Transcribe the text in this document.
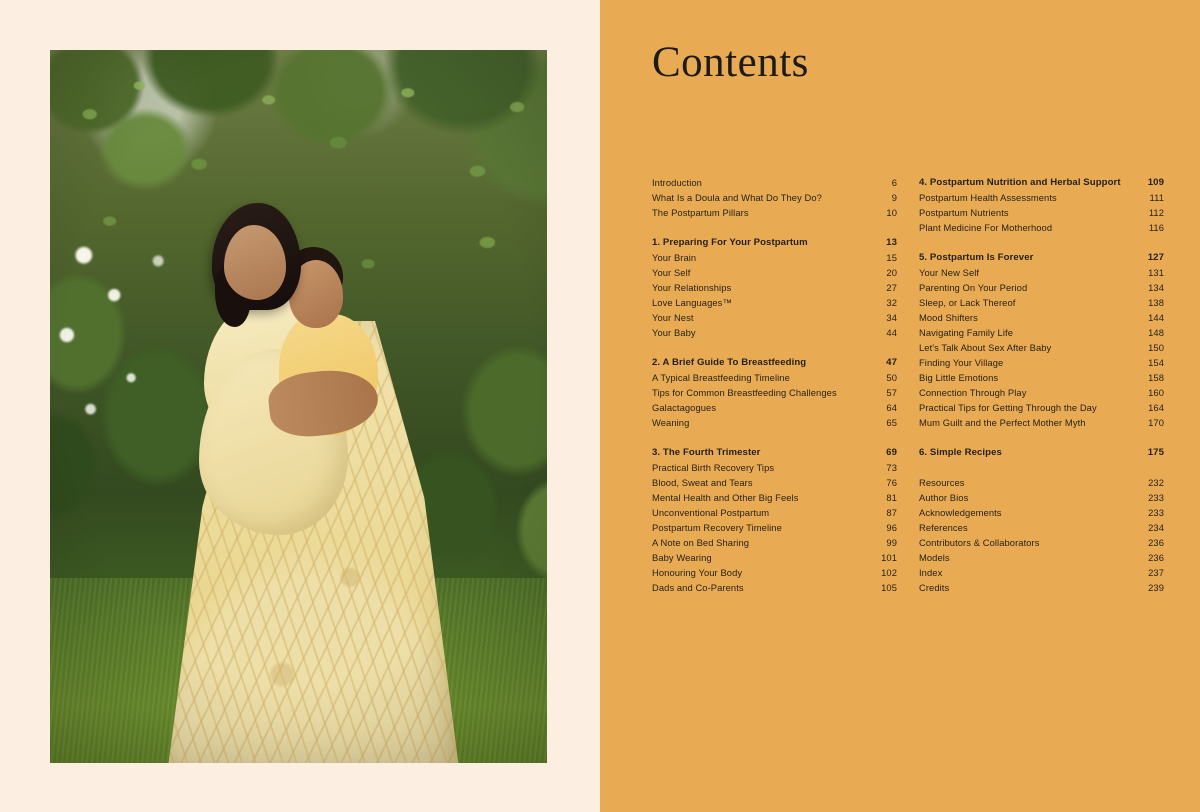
Contents
Introduction	6
What Is a Doula and What Do They Do?	9
The Postpartum Pillars	10
1. Preparing For Your Postpartum	13
Your Brain	15
Your Self	20
Your Relationships	27
Love Languages™	32
Your Nest	34
Your Baby	44
2. A Brief Guide To Breastfeeding	47
A Typical Breastfeeding Timeline	50
Tips for Common Breastfeeding Challenges	57
Galactagogues	64
Weaning	65
3. The Fourth Trimester	69
Practical Birth Recovery Tips	73
Blood, Sweat and Tears	76
Mental Health and Other Big Feels	81
Unconventional Postpartum	87
Postpartum Recovery Timeline	96
A Note on Bed Sharing	99
Baby Wearing	101
Honouring Your Body	102
Dads and Co-Parents	105
4. Postpartum Nutrition and Herbal Support	109
Postpartum Health Assessments	111
Postpartum Nutrients	112
Plant Medicine For Motherhood	116
5. Postpartum Is Forever	127
Your New Self	131
Parenting On Your Period	134
Sleep, or Lack Thereof	138
Mood Shifters	144
Navigating Family Life	148
Let's Talk About Sex After Baby	150
Finding Your Village	154
Big Little Emotions	158
Connection Through Play	160
Practical Tips for Getting Through the Day	164
Mum Guilt and the Perfect Mother Myth	170
6. Simple Recipes	175
Resources	232
Author Bios	233
Acknowledgements	233
References	234
Contributors & Collaborators	236
Models	236
Index	237
Credits	239
